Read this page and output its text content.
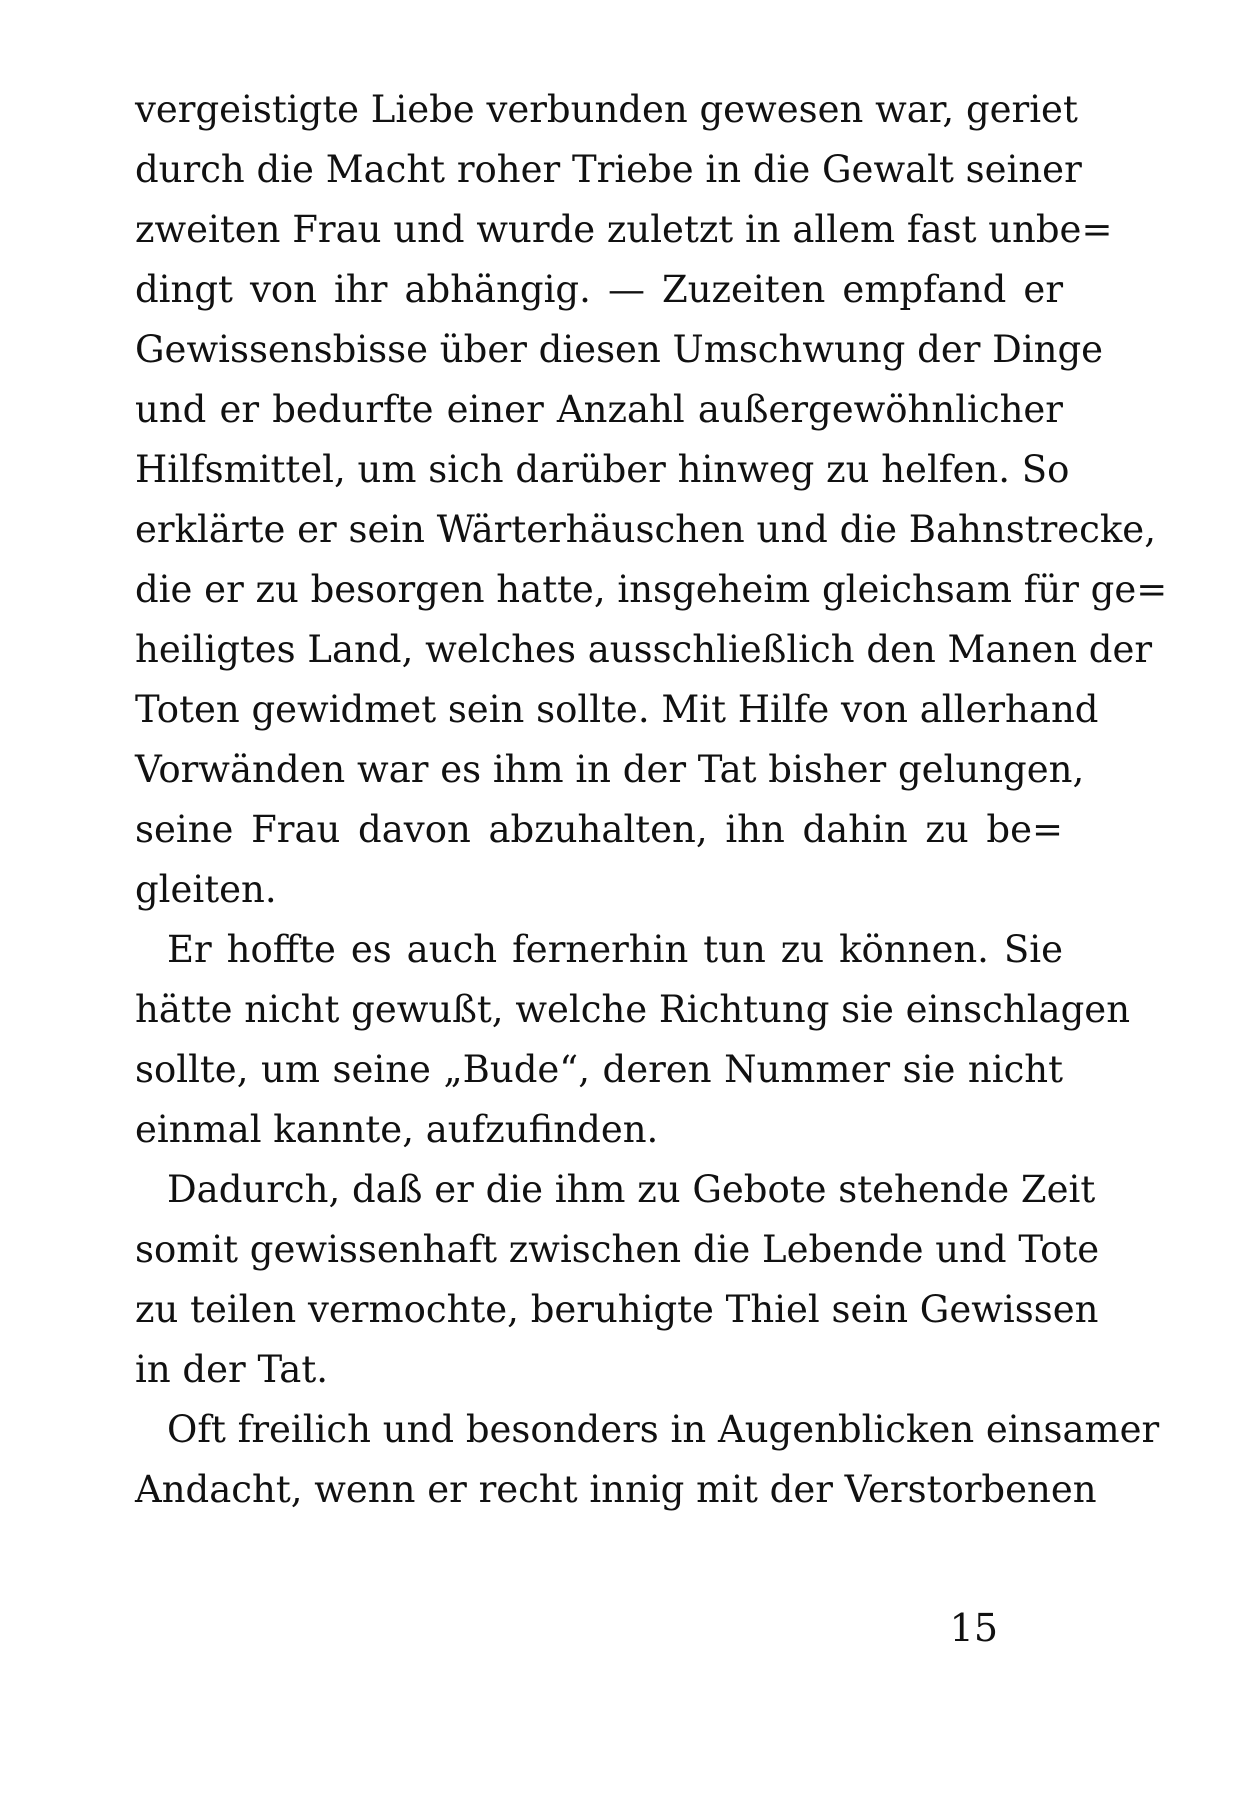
vergeistigte Liebe verbunden gewesen war, geriet
durch die Macht roher Triebe in die Gewalt seiner
zweiten Frau und wurde zuletzt in allem fast unbe=
dingt von ihr abhängig. — Zuzeiten empfand er
Gewissensbisse über diesen Umschwung der Dinge
und er bedurfte einer Anzahl außergewöhnlicher
Hilfsmittel, um sich darüber hinweg zu helfen. So
erklärte er sein Wärterhäuschen und die Bahnstrecke,
die er zu besorgen hatte, insgeheim gleichsam für ge=
heiligtes Land, welches ausschließlich den Manen der
Toten gewidmet sein sollte. Mit Hilfe von allerhand
Vorwänden war es ihm in der Tat bisher gelungen,
seine Frau davon abzuhalten, ihn dahin zu be=
gleiten.

Er hoffte es auch fernerhin tun zu können. Sie
hätte nicht gewußt, welche Richtung sie einschlagen
sollte, um seine „Bude“, deren Nummer sie nicht
einmal kannte, aufzufinden.

Dadurch, daß er die ihm zu Gebote stehende Zeit
somit gewissenhaft zwischen die Lebende und Tote
zu teilen vermochte, beruhigte Thiel sein Gewissen
in der Tat.

Oft freilich und besonders in Augenblicken einsamer
Andacht, wenn er recht innig mit der Verstorbenen

15
